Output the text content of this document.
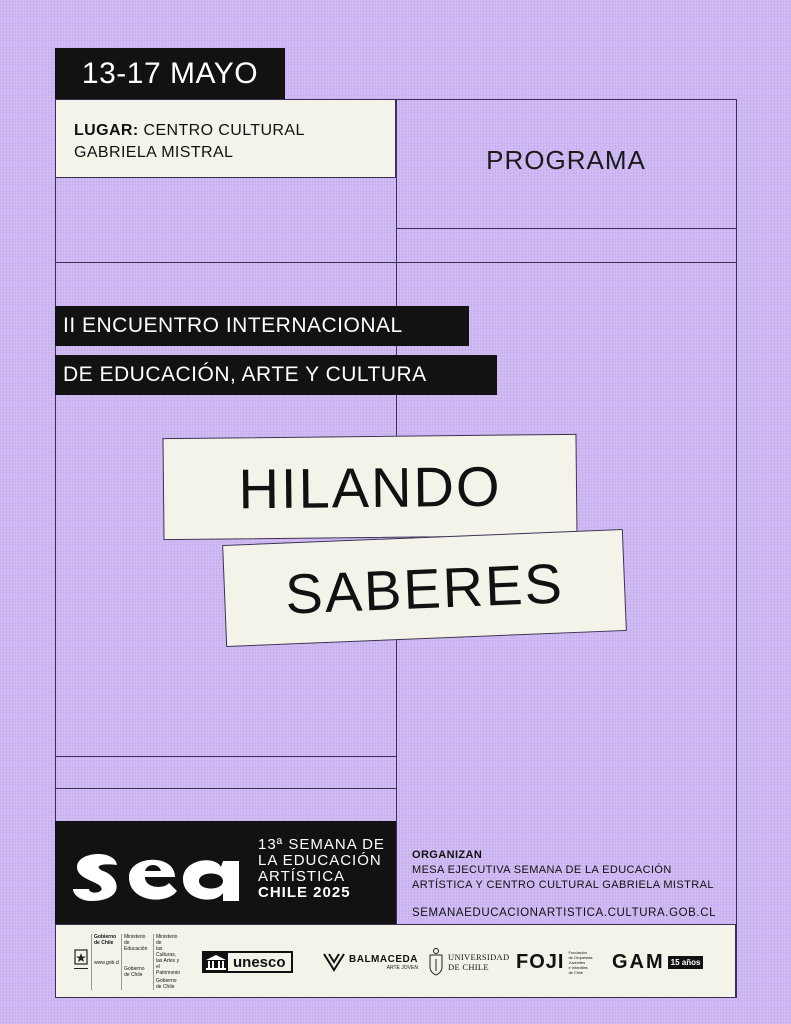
13-17 MAYO
LUGAR: CENTRO CULTURAL
GABRIELA MISTRAL	PROGRAMA
II ENCUENTRO INTERNACIONAL
DE EDUCACIÓN, ARTE Y CULTURA
HILANDO
SABERES
13ª SEMANA DE
LA EDUCACIÓN
ARTÍSTICA
CHILE 2025
ORGANIZAN
MESA EJECUTIVA SEMANA DE LA EDUCACIÓN
ARTÍSTICA Y CENTRO CULTURAL GABRIELA MISTRAL
SEMANAEDUCACIONARTISTICA.CULTURA.GOB.CL
Gobierno
de Chile
www.gob.cl
Ministerio de
Educación
Gobierno de Chile
Ministerio de
las Culturas,
las Artes y el
Patrimonio
Gobierno de Chile
unesco	BALMACEDA
ARTE JOVEN
UNIVERSIDAD
DE CHILE	FOJI Fundación
de Orquestas
Juveniles
e Infantiles
de Chile	GAM 15 años
